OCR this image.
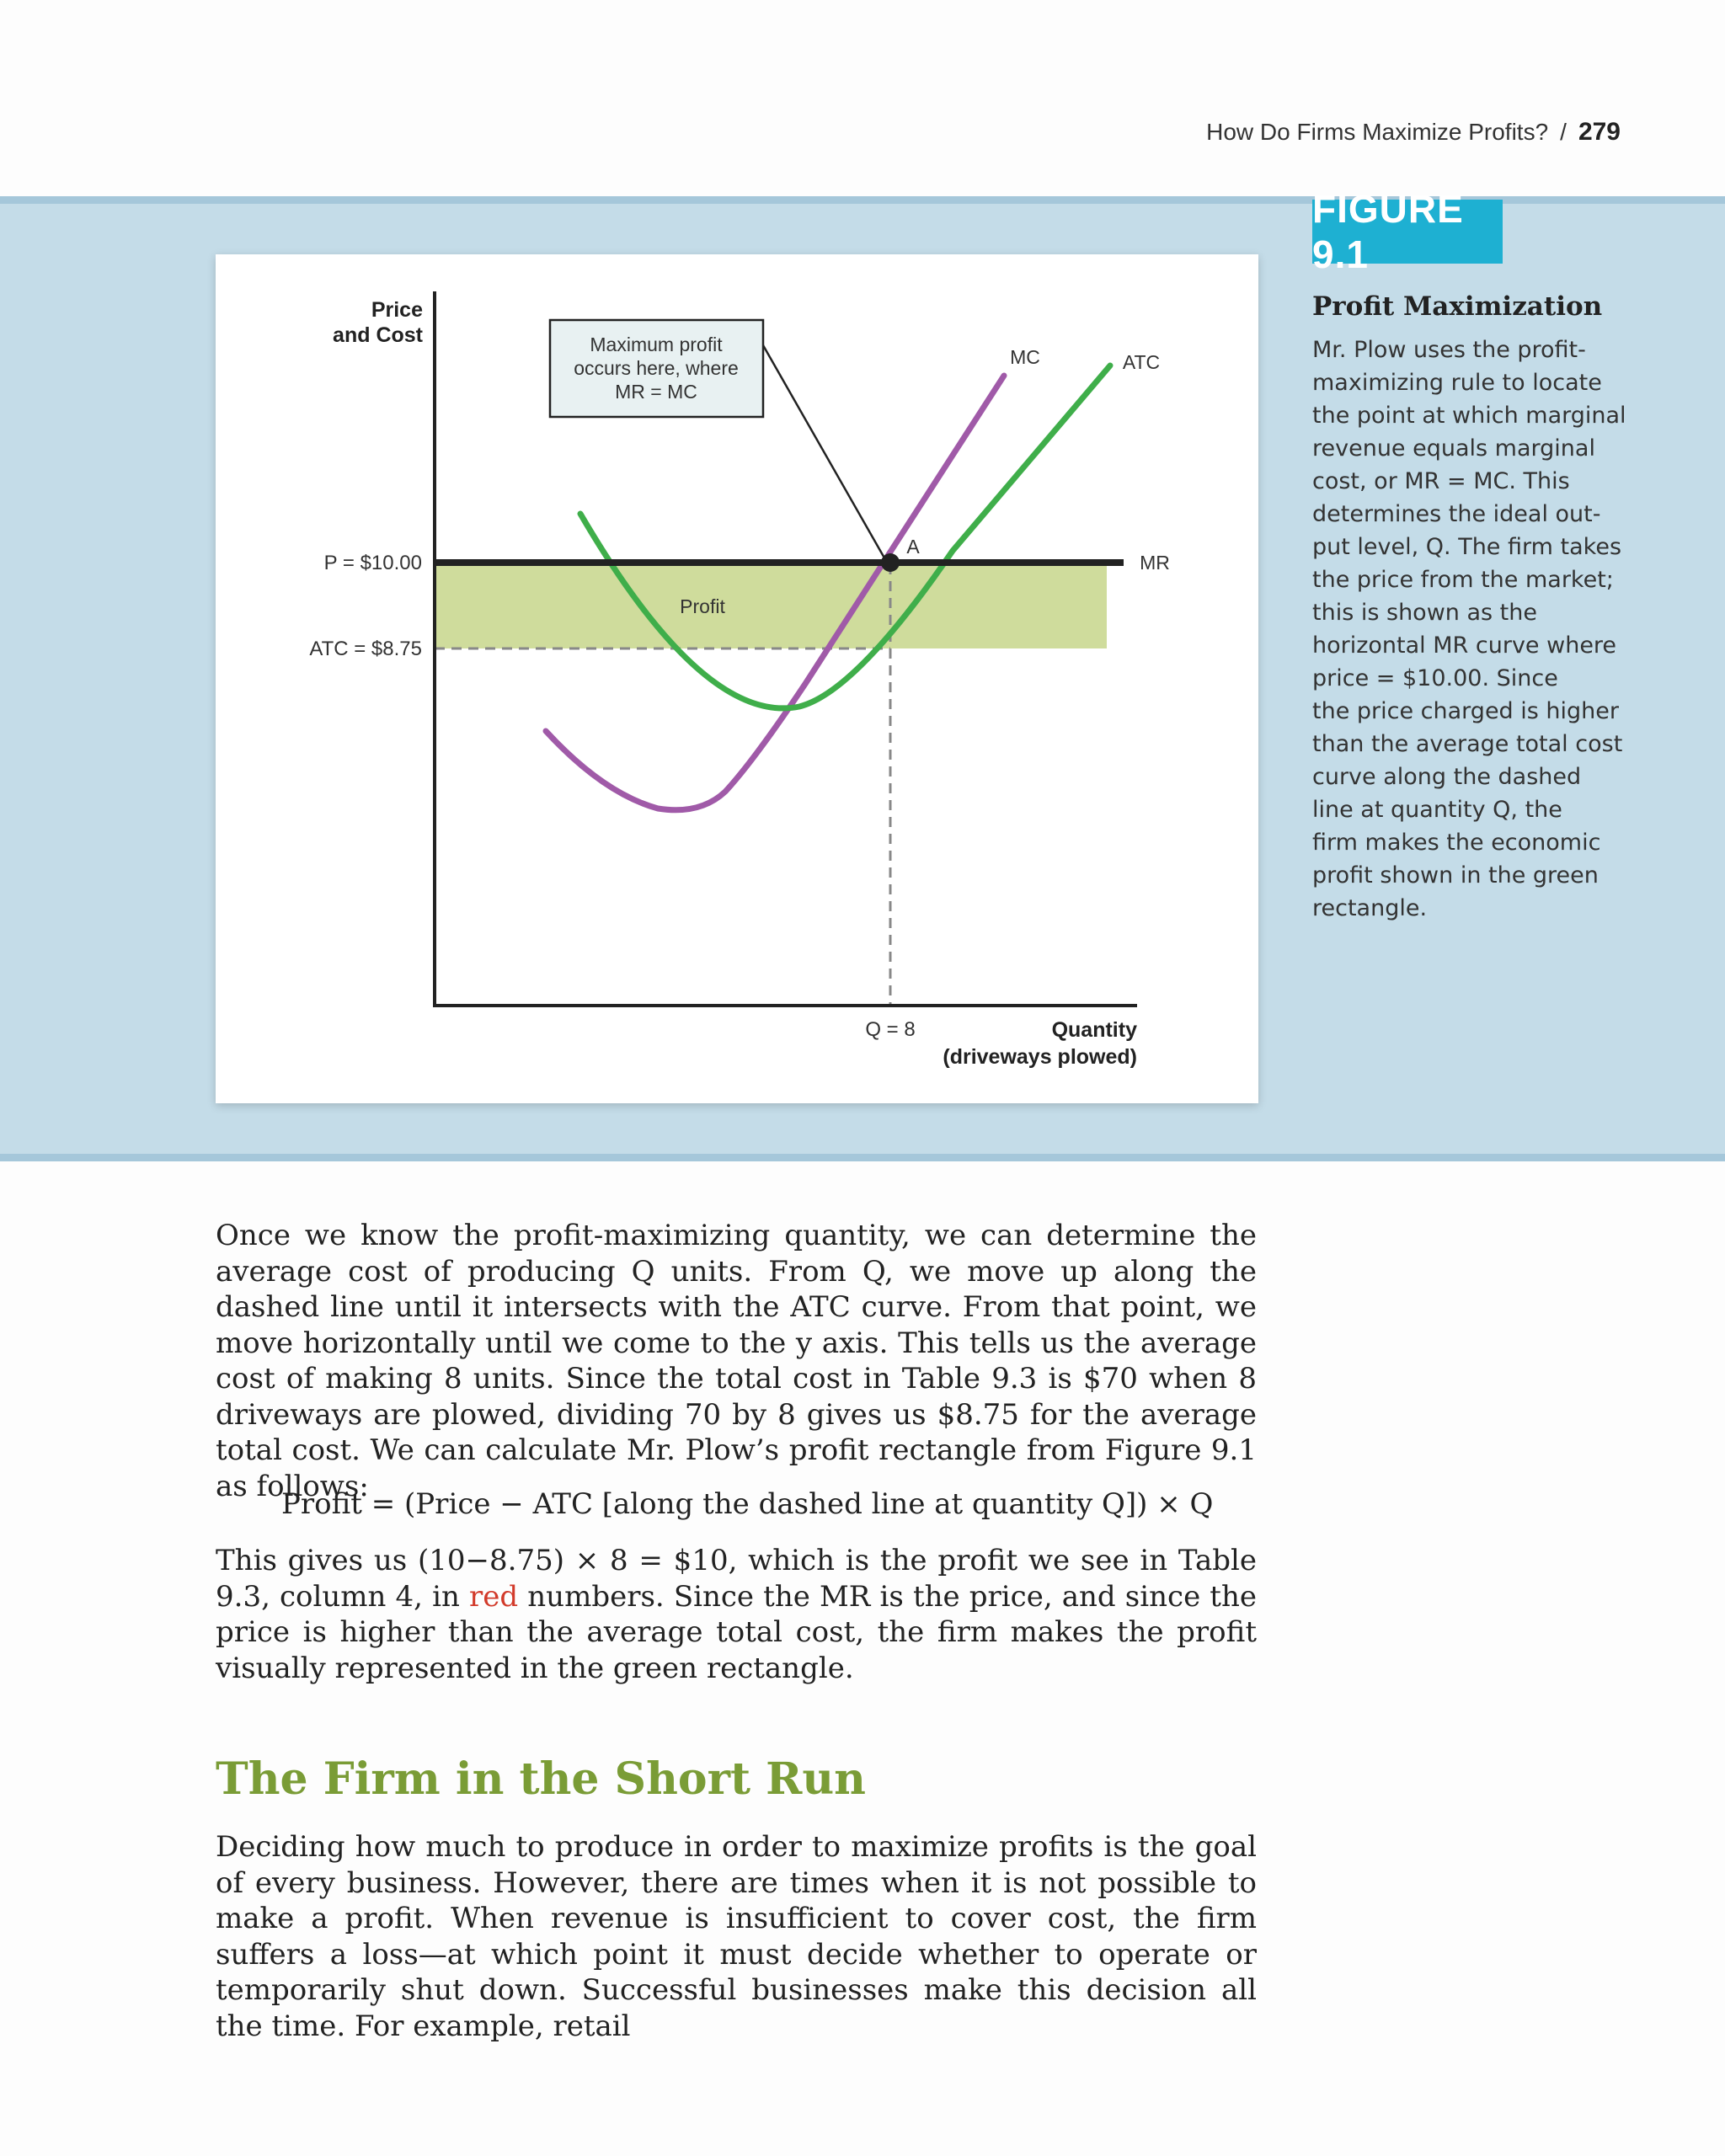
How Do Firms Maximize Profits? / 279
FIGURE 9.1
Profit Maximization

Mr. Plow uses the profit-
maximizing rule to locate
the point at which marginal
revenue equals marginal
cost, or MR = MC. This
determines the ideal out-
put level, Q. The firm takes
the price from the market;
this is shown as the
horizontal MR curve where
price = $10.00. Since
the price charged is higher
than the average total cost
curve along the dashed
line at quantity Q, the
firm makes the economic
profit shown in the green
rectangle.

Profit
Maximum profit
occurs here, where
MR = MC
A
MC	ATC
MR
Price
and Cost
P = $10.00
ATC = $8.75
Q = 8	Quantity
(driveways plowed)

Once we know the profit-maximizing quantity, we can determine the average cost of producing Q units. From Q, we move up along the dashed line until it intersects with the ATC curve. From that point, we move horizontally until we come to the y axis. This tells us the average cost of making 8 units. Since the total cost in Table 9.3 is $70 when 8 driveways are plowed, dividing 70 by 8 gives us $8.75 for the average total cost. We can calculate Mr. Plow’s profit rectangle from Figure 9.1 as follows:

Profit = (Price − ATC [along the dashed line at quantity Q]) × Q

This gives us (10−8.75) × 8 = $10, which is the profit we see in Table 9.3, column 4, in red numbers. Since the MR is the price, and since the price is higher than the average total cost, the firm makes the profit visually represented in the green rectangle.

The Firm in the Short Run

Deciding how much to produce in order to maximize profits is the goal of every business. However, there are times when it is not possible to make a profit. When revenue is insufficient to cover cost, the firm suffers a loss—at which point it must decide whether to operate or temporarily shut down. Successful businesses make this decision all the time. For example, retail
